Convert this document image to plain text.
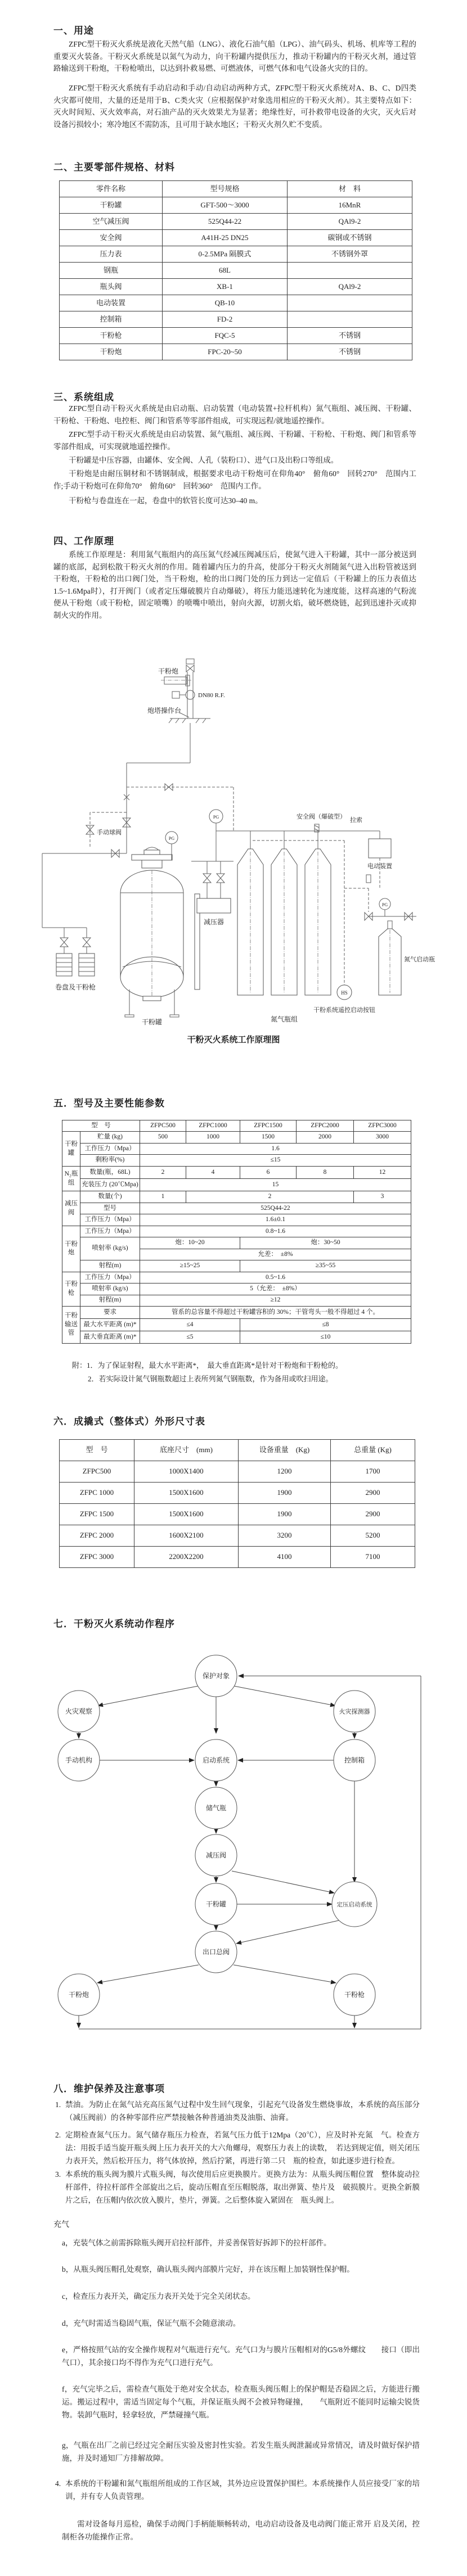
一、用途
ZFPC型干粉灭火系统是液化天然气船（LNG）、液化石油气船（LPG）、油气码头、机场、机库等工程的重要灭火装备。干粉灭火系统是以氮气为动力，向干粉罐内提供压力，推动干粉罐内的干粉灭火剂，通过管路输送到干粉炮，干粉枪喷出，以达到扑救易燃、可燃液体，可燃气体和电气设备火灾的目的。
ZFPC型干粉灭火系统有手动启动和手动/自动启动两种方式，ZFPC型干粉灭火系统对A、B、C、D四类火灾都可使用，大量的还是用于B、C类火灾（应根据保护对象选用相应的干粉灭火剂）。其主要特点如下：灭火时间短、灭火效率高，对石油产品的灭火效果尤为显著；绝缘性好，可扑救带电设备的火灾，灭火后对设备污损较小；寒冷地区不需防冻，且可用于缺水地区；干粉灭火剂久贮不变质。
二、主要零部件规格、材料
零件名称	型号规格	材　料
干粉罐	GFT-500～3000	16MnR
空气减压阀	525Q44-22	QAl9-2
安全阀	A41H-25 DN25	碳钢或不锈钢
压力表	0-2.5MPa 隔膜式	不锈钢外罩
钢瓶	68L	
瓶头阀	XB-1	QAl9-2
电动装置	QB-10	
控制箱	FD-2	
干粉枪	FQC-5	不锈钢
干粉炮	FPC-20~50	不锈钢
三、系统组成
ZFPC型自动干粉灭火系统是由启动瓶、启动装置（电动装置+拉杆机构）氮气瓶组、减压阀、干粉罐、干粉枪、干粉炮、电控柜、阀门和管系等零部件组成，可实现远程/就地遥控操作。
ZFPC型手动干粉灭火系统是由启动装置、氮气瓶组、减压阀、干粉罐、干粉枪、干粉炮、阀门和管系等零部件组成，可实现就地遥控操作。
干粉罐是中压容器，由罐体、安全阀、人孔（装粉口）、进气口及出粉口等组成。
干粉炮是由耐压铜材和不锈钢制成，根据要求电动干粉炮可在仰角40°　俯角60°　回转270°　范围内工作;手动干粉炮可在仰角70°　俯角60°　回转360°　范围内工作。
干粉枪与卷盘连在一起，卷盘中的软管长度可达30–40 m。
四、工作原理
系统工作原理是：利用氮气瓶组内的高压氮气经减压阀减压后，使氮气进入干粉罐，其中一部分被送到罐的底部，起到松散干粉灭火剂的作用。随着罐内压力的升高，使部分干粉灭火剂随氮气进入出粉管被送到干粉炮，干粉枪的出口阀门处，当干粉炮，枪的出口阀门处的压力到达一定值后（干粉罐上的压力表值达1.5~1.6Mpa时），打开阀门（或者定压爆破膜片自动爆破），将压力能迅速转化为速度能，这样高速的气粉流便从干粉炮（或干粉枪，固定喷嘴）的喷嘴中喷出，射向火源，切割火焰，破坏燃烧链，起到迅速扑灭或抑制火灾的作用。
干粉炮
DN80 R.F.
炮塔操作台
手动球阀
卷盘及干粉枪
PG
干粉罐
减压器
PG	安全阀（爆破型） 拉索
电动装置
氮气瓶组
HS
干粉系统遥控启动按钮
PG
氮气启动瓶
干粉灭火系统工作原理图
五．型号及主要性能参数
型　号		ZFPC500	ZFPC1000	ZFPC1500	ZFPC2000	ZFPC3000
干粉罐	贮量 (kg)	500	1000	1500	2000	3000
	工作压力（Mpa）	1.6				
	剩粉率(%)	≤15				
N₂瓶组	数量(瓶，68L)	2	4	6	8	12
	充装压力 (20℃Mpa)	15				
减压阀	数量(个)	1	2			3
	型号	525Q44-22				
	工作压力（Mpa）	1.6±0.1				
干粉炮	工作压力（Mpa）	0.8~1.6				
	喷射率 (kg/s)	炮：10~20		炮：30~50		
		允差：　±8%				
	射程(m)	≥15~25		≥35~55		
干粉枪	工作压力（Mpa）	0.5~1.6				
	喷射率 (kg/s)	5（允差：　±8%）				
	射程(m)	≥12				
干粉输送管	要求	管系的总容量不得超过干粉罐容积的 30%；干管弯头一般不得超过 4 个。				
	最大水平距离 (m)*	≤4		≤8		
	最大垂直距离 (m)*	≤5		≤10		
附：1．为了保证射程，最大水平距离*，　最大垂直距离*是针对干粉炮和干粉枪的。
2．若实际设计氮气钢瓶数超过上表所列氮气钢瓶数，作为备用或吹扫用途。
六．成撬式（整体式）外形尺寸表
型　号	底座尺寸　(mm)	设备重量　(Kg)	总重量 (Kg)
ZFPC500	1000X1400	1200	1700
ZFPC 1000	1500X1600	1900	2900
ZFPC 1500	1500X1600	1900	2900
ZFPC 2000	1600X2100	3200	5200
ZFPC 3000	2200X2200	4100	7100
七．干粉灭火系统动作程序
保护对象
火灾观察	火灾探测器
手动机构	启动系统	控制箱
储气瓶
减压阀
干粉罐	定压启动系统
出口总阀
干粉炮	干粉枪
八．维护保养及注意事项
1. 禁油。为防止在氮气站充高压氮气过程中发生回气现象，引起充气设备发生燃烧事故，本系统的高压部分（减压阀前）的各种零部件应严禁接触各种普通油类及油脂、油膏。
2. 定期检查氮气压力。氮气储存瓶压力检查，若氮气压力低于12Mpa（20℃），应及时补充氮　气。检查方法：用扳手适当旋开瓶头阀上压力表开关的大六角螺母，观察压力表上的读数，　若达到规定值，则关闭压力表开关，然后松开压力，将气体放掉，然后拧紧，再进行第二只　瓶的检查，如此逐步进行检查。
3. 本系统的瓶头阀为膜片式瓶头阀，每次使用后应更换膜片。更换方法为：从瓶头阀压帽位置　整体旋动拉杆部件，待拉杆部件全部旋出之后，旋动压帽直至压帽脱落，取出弹簧、垫片及　破损膜片。更换全新膜片之后，在压帽内依次放入膜片，垫片，弹簧。之后整体旋入紧固在　瓶头阀上。
充气
a，充装气体之前需拆除瓶头阀开启拉杆部件，并妥善保管好拆卸下的拉杆部件。
b，从瓶头阀压帽孔处观察，确认瓶头阀内部膜片完好，并在该压帽上加装钢性保护帽。
c，检查压力表开关，确定压力表开关处于完全关闭状态。
d，充气时需适当稳固气瓶，保证气瓶不会随意滚动。
e，严格按照气站的安全操作规程对气瓶进行充气。充气口为与膜片压帽相对的G5/8外螺纹　　接口（即出气口），其余接口均不得作为充气口进行充气。
f，充气完毕之后，需检查气瓶处于绝对安全状态，检查瓶头阀压帽上的保护帽是否稳固之后，方能进行搬运。搬运过程中，需适当固定每个气瓶，并保证瓶头阀不会被异物碰撞，　　气瓶附近不能同时运输尖锐货物。装卸气瓶时，轻拿轻放，严禁碰撞气瓶。
g，气瓶在出厂之前已经过完全耐压实验及密封性实验。若发生瓶头阀泄漏或异常情况，请及时做好保护措施，并及时通知厂方排解故障。
4. 本系统的干粉罐和氮气瓶组所组成的工作区域，其外边应设置保护围栏。本系统操作人员应接受厂家的培训，并有专人负责管理。
需对设备每月巡检，确保手动阀门手柄能顺畅转动，电动启动设备及电动阀门能正常开 启及关闭，控制柜各功能操作正常。
